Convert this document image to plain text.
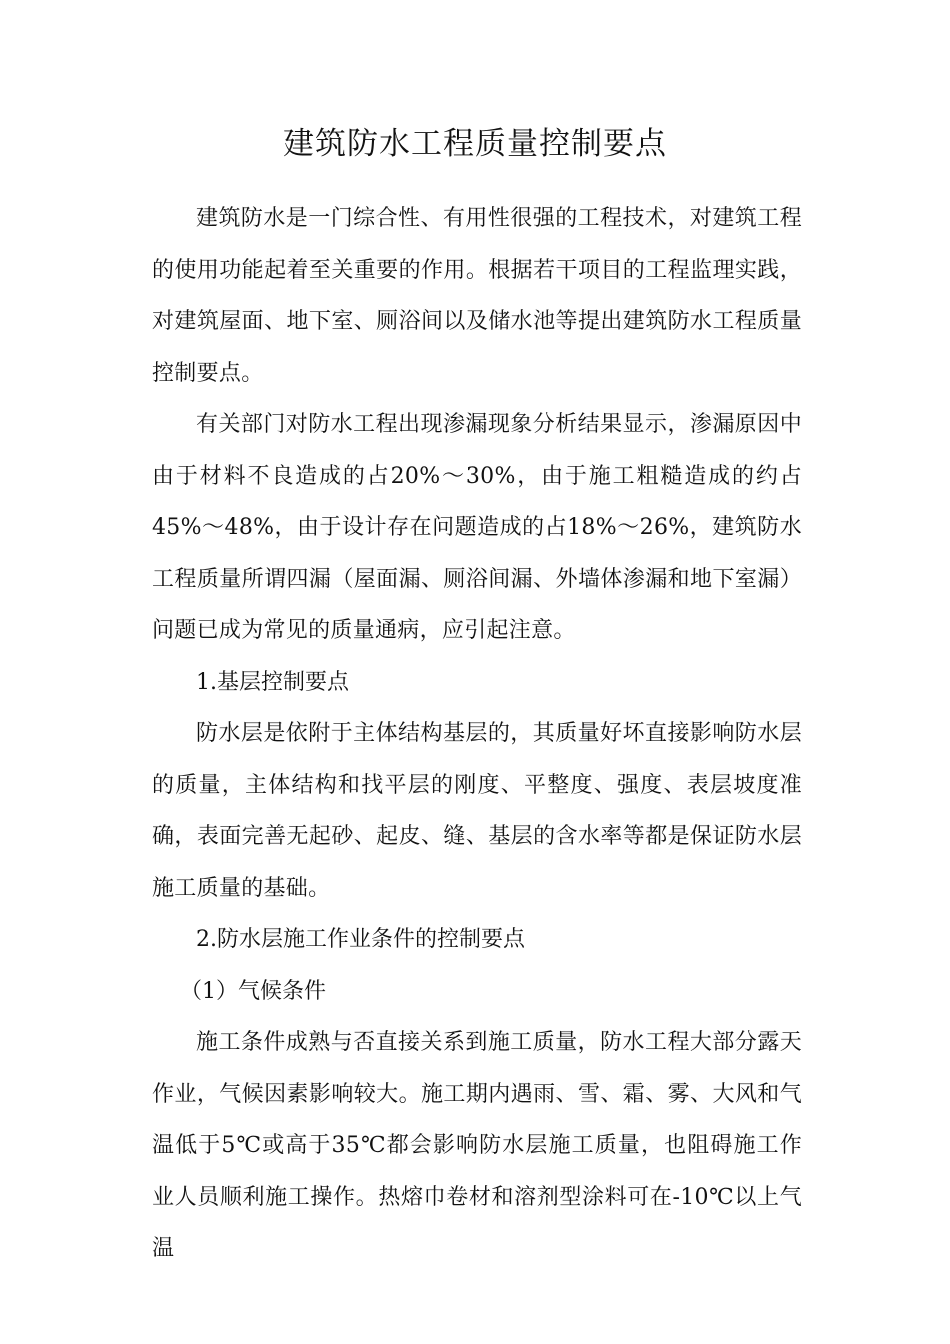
建筑防水工程质量控制要点

建筑防水是一门综合性、有用性很强的工程技术，对建筑工程的使用功能起着至关重要的作用。根据若干项目的工程监理实践，对建筑屋面、地下室、厕浴间以及储水池等提出建筑防水工程质量控制要点。

有关部门对防水工程出现渗漏现象分析结果显示，渗漏原因中由于材料不良造成的占20%～30%，由于施工粗糙造成的约占45%～48%，由于设计存在问题造成的占18%～26%，建筑防水工程质量所谓四漏（屋面漏、厕浴间漏、外墙体渗漏和地下室漏）问题已成为常见的质量通病，应引起注意。

1.基层控制要点

防水层是依附于主体结构基层的，其质量好坏直接影响防水层的质量，主体结构和找平层的刚度、平整度、强度、表层坡度准确，表面完善无起砂、起皮、缝、基层的含水率等都是保证防水层施工质量的基础。

2.防水层施工作业条件的控制要点

（1）气候条件

施工条件成熟与否直接关系到施工质量，防水工程大部分露天作业，气候因素影响较大。施工期内遇雨、雪、霜、雾、大风和气温低于5℃或高于35℃都会影响防水层施工质量，也阻碍施工作业人员顺利施工操作。热熔巾卷材和溶剂型涂料可在-10℃以上气温
